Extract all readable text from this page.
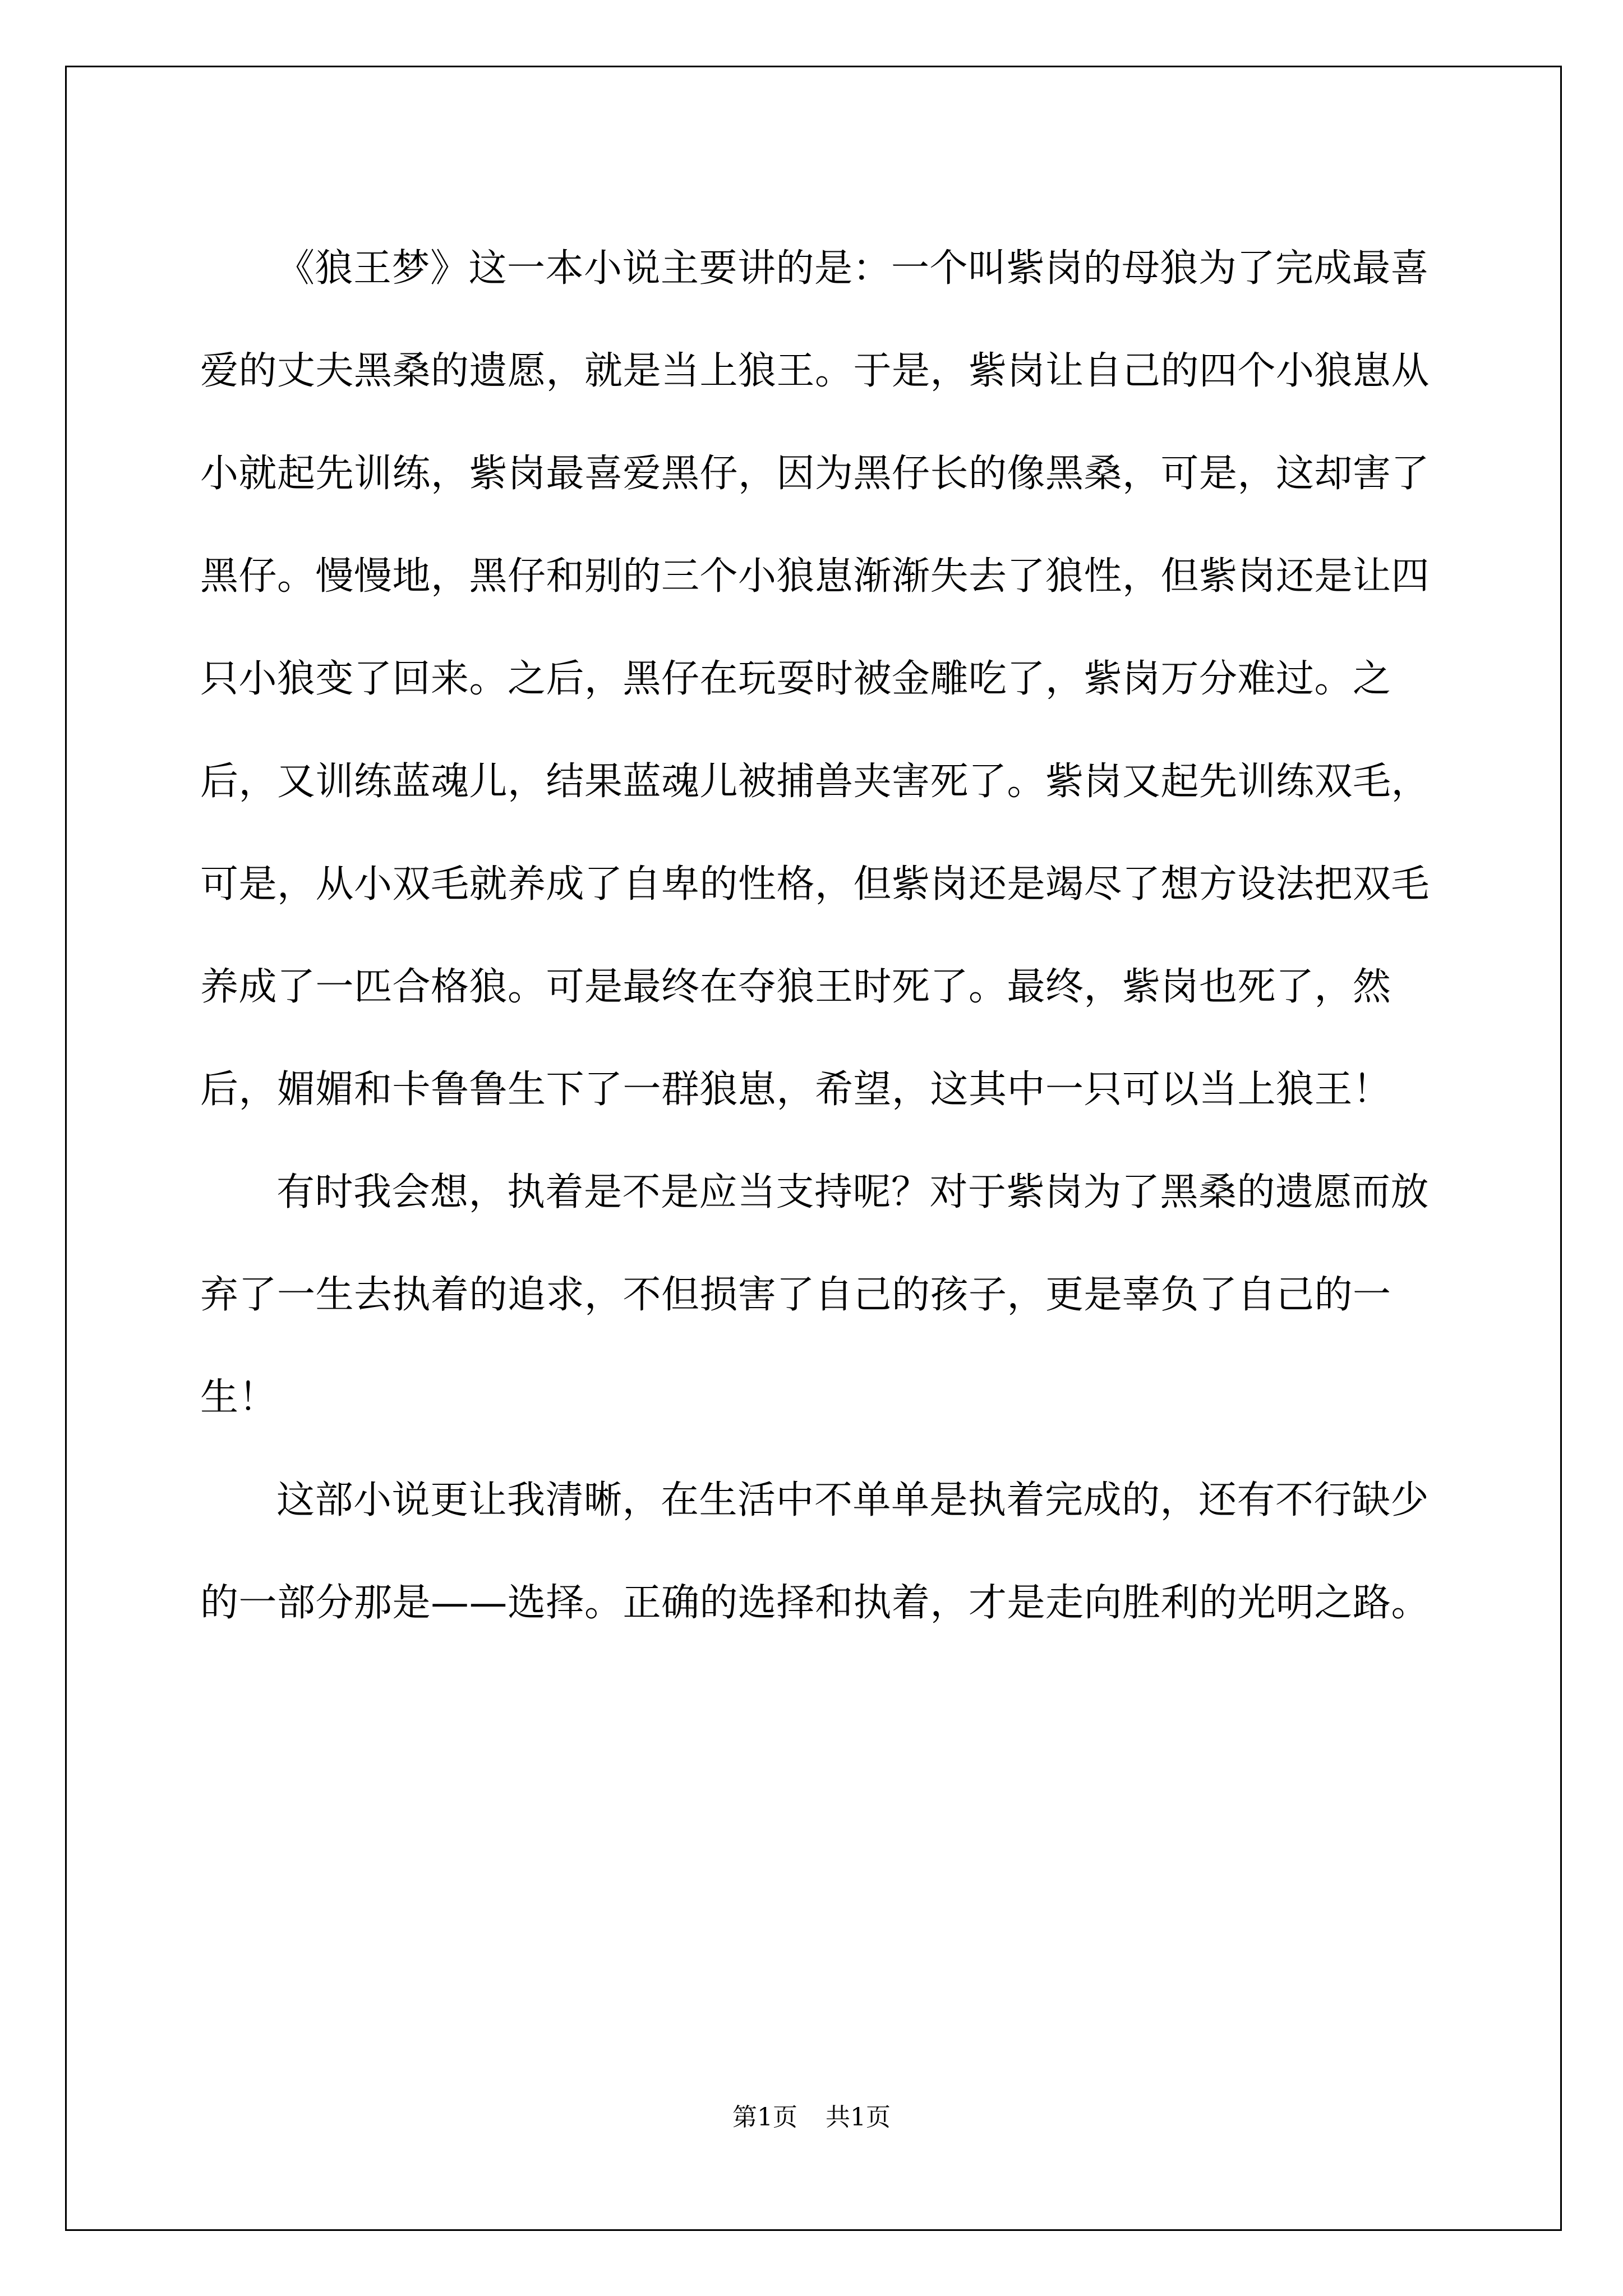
《狼王梦》这一本小说主要讲的是：一个叫紫岗的母狼为了完成最喜爱的丈夫黑桑的遗愿，就是当上狼王。于是，紫岗让自己的四个小狼崽从小就起先训练，紫岗最喜爱黑仔，因为黑仔长的像黑桑，可是，这却害了黑仔。慢慢地，黑仔和别的三个小狼崽渐渐失去了狼性，但紫岗还是让四只小狼变了回来。之后，黑仔在玩耍时被金雕吃了，紫岗万分难过。之后，又训练蓝魂儿，结果蓝魂儿被捕兽夹害死了。紫岗又起先训练双毛，可是，从小双毛就养成了自卑的性格，但紫岗还是竭尽了想方设法把双毛养成了一匹合格狼。可是最终在夺狼王时死了。最终，紫岗也死了，然后，媚媚和卡鲁鲁生下了一群狼崽，希望，这其中一只可以当上狼王！

有时我会想，执着是不是应当支持呢？对于紫岗为了黑桑的遗愿而放弃了一生去执着的追求，不但损害了自己的孩子，更是辜负了自己的一生！

这部小说更让我清晰，在生活中不单单是执着完成的，还有不行缺少的一部分那是——选择。正确的选择和执着，才是走向胜利的光明之路。

第1页 共1页
